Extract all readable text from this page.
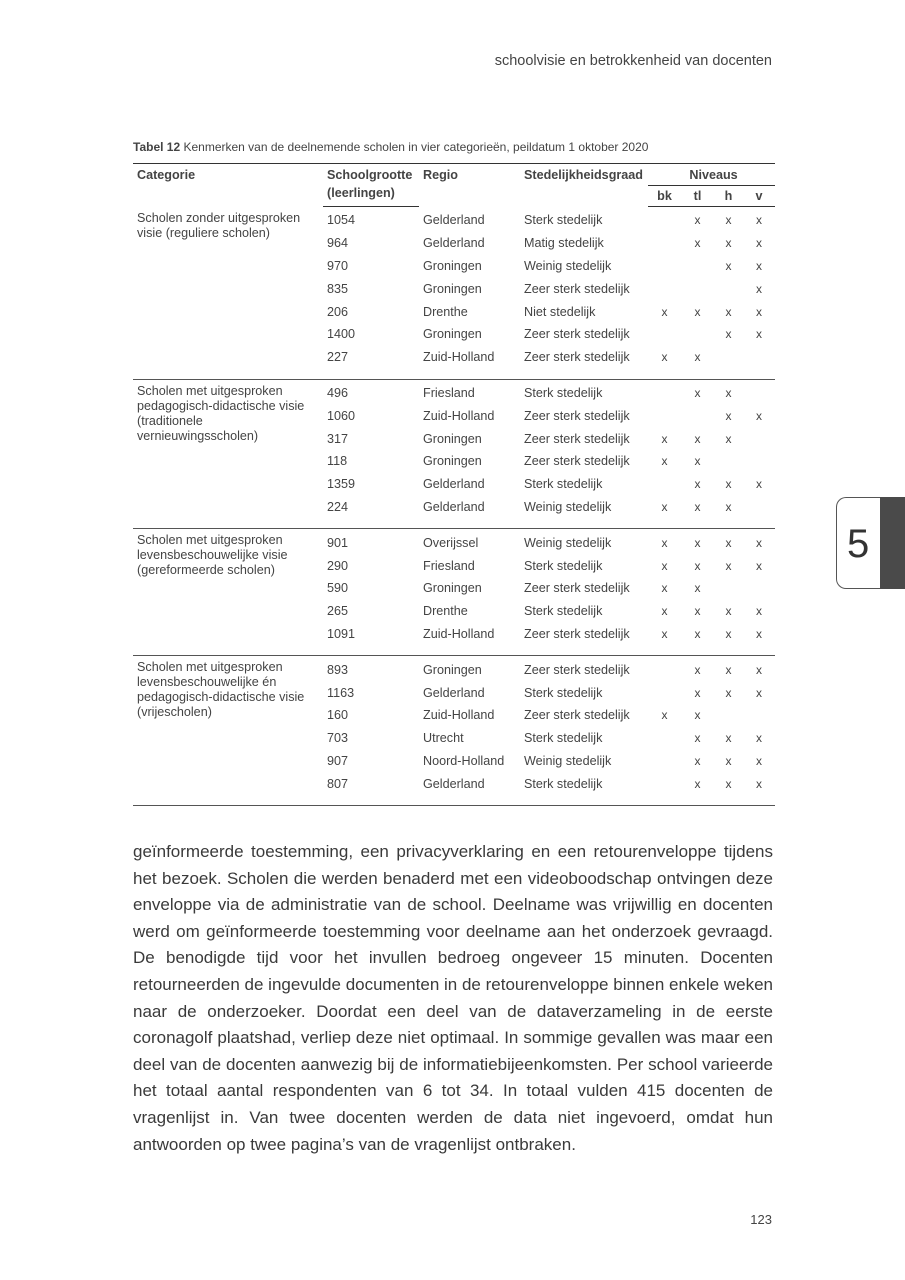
schoolvisie en betrokkenheid van docenten
Tabel 12 Kenmerken van de deelnemende scholen in vier categorieën, peildatum 1 oktober 2020
Categorie	Schoolgrootte	Regio	Stedelijkheidsgraad	Niveaus			
	(leerlingen)			bk	tl	h	v
Scholen zonder uitgesproken visie (reguliere scholen)	1054	Gelderland	Sterk stedelijk		x	x	x
	964	Gelderland	Matig stedelijk		x	x	x
	970	Groningen	Weinig stedelijk			x	x
	835	Groningen	Zeer sterk stedelijk				x
	206	Drenthe	Niet stedelijk	x	x	x	x
	1400	Groningen	Zeer sterk stedelijk			x	x
	227	Zuid-Holland	Zeer sterk stedelijk	x	x		
Scholen met uitgesproken pedagogisch-didactische visie (traditionele vernieuwingsscholen)	496	Friesland	Sterk stedelijk		x	x	
	1060	Zuid-Holland	Zeer sterk stedelijk			x	x
	317	Groningen	Zeer sterk stedelijk	x	x	x	
	118	Groningen	Zeer sterk stedelijk	x	x		
	1359	Gelderland	Sterk stedelijk		x	x	x
	224	Gelderland	Weinig stedelijk	x	x	x	
Scholen met uitgesproken levensbeschouwelijke visie (gereformeerde scholen)	901	Overijssel	Weinig stedelijk	x	x	x	x
	290	Friesland	Sterk stedelijk	x	x	x	x
	590	Groningen	Zeer sterk stedelijk	x	x		
	265	Drenthe	Sterk stedelijk	x	x	x	x
	1091	Zuid-Holland	Zeer sterk stedelijk	x	x	x	x
Scholen met uitgesproken levensbeschouwelijke én pedagogisch-didactische visie (vrijescholen)	893	Groningen	Zeer sterk stedelijk		x	x	x
	1163	Gelderland	Sterk stedelijk		x	x	x
	160	Zuid-Holland	Zeer sterk stedelijk	x	x		
	703	Utrecht	Sterk stedelijk		x	x	x
	907	Noord-Holland	Weinig stedelijk		x	x	x
	807	Gelderland	Sterk stedelijk		x	x	x
geïnformeerde toestemming, een privacyverklaring en een retourenveloppe tijdens het bezoek. Scholen die werden benaderd met een videoboodschap ontvingen deze enveloppe via de administratie van de school. Deelname was vrijwillig en docenten werd om geïnformeerde toestemming voor deelname aan het onderzoek gevraagd. De benodigde tijd voor het invullen bedroeg ongeveer 15 minuten. Docenten retourneerden de ingevulde documenten in de retourenveloppe binnen enkele weken naar de onderzoeker. Doordat een deel van de dataverzameling in de eerste coronagolf plaatshad, verliep deze niet optimaal. In sommige gevallen was maar een deel van de docenten aanwezig bij de informatiebijeenkomsten. Per school varieerde het totaal aantal respondenten van 6 tot 34. In totaal vulden 415 docenten de vragenlijst in. Van twee docenten werden de data niet ingevoerd, omdat hun antwoorden op twee pagina’s van de vragenlijst ontbraken.
5
123
